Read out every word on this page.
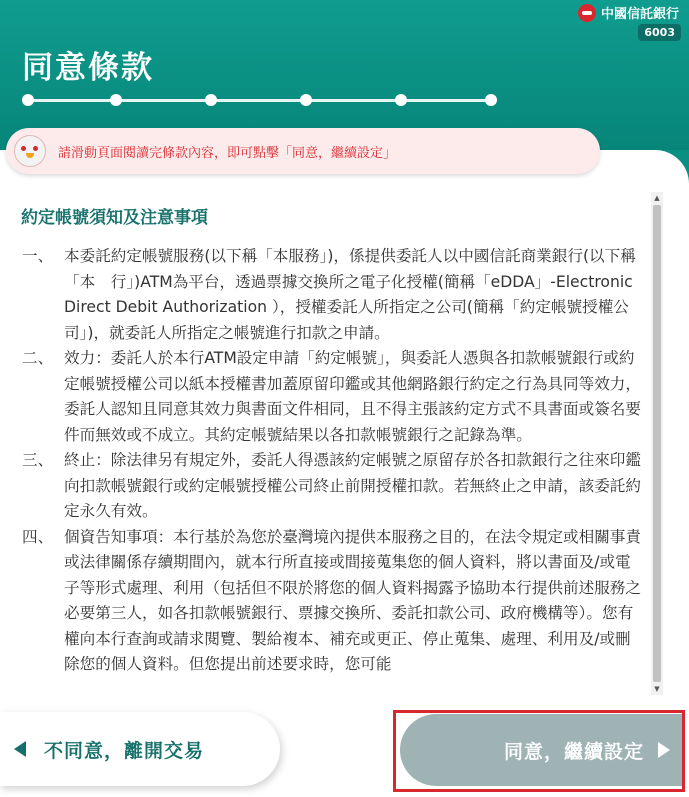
中國信託銀行
6003
同意條款
請滑動頁面閱讀完條款內容，即可點擊「同意，繼續設定」
約定帳號須知及注意事項
一、 本委託約定帳號服務(以下稱「本服務」)，係提供委託人以中國信託商業銀行(以下稱「本　行」)ATM為平台，透過票據交換所之電子化授權(簡稱「eDDA」-Electronic Direct Debit Authorization ），授權委託人所指定之公司(簡稱「約定帳號授權公司」)，就委託人所指定之帳號進行扣款之申請。
二、 效力：委託人於本行ATM設定申請「約定帳號」，與委託人憑與各扣款帳號銀行或約定帳號授權公司以紙本授權書加蓋原留印鑑或其他網路銀行約定之行為具同等效力，委託人認知且同意其效力與書面文件相同，且不得主張該約定方式不具書面或簽名要件而無效或不成立。其約定帳號結果以各扣款帳號銀行之記錄為準。
三、 終止：除法律另有規定外，委託人得憑該約定帳號之原留存於各扣款銀行之往來印鑑向扣款帳號銀行或約定帳號授權公司終止前開授權扣款。若無終止之申請，該委託約定永久有效。
四、 個資告知事項：本行基於為您於臺灣境內提供本服務之目的，在法令規定或相關事責或法律關係存續期間內，就本行所直接或間接蒐集您的個人資料，將以書面及/或電子等形式處理、利用（包括但不限於將您的個人資料揭露予協助本行提供前述服務之必要第三人，如各扣款帳號銀行、票據交換所、委託扣款公司、政府機構等）。您有權向本行查詢或請求閱覽、製給複本、補充或更正、停止蒐集、處理、利用及/或刪除您的個人資料。但您提出前述要求時，您可能
▲
▼
不同意，離開交易	同意，繼續設定
